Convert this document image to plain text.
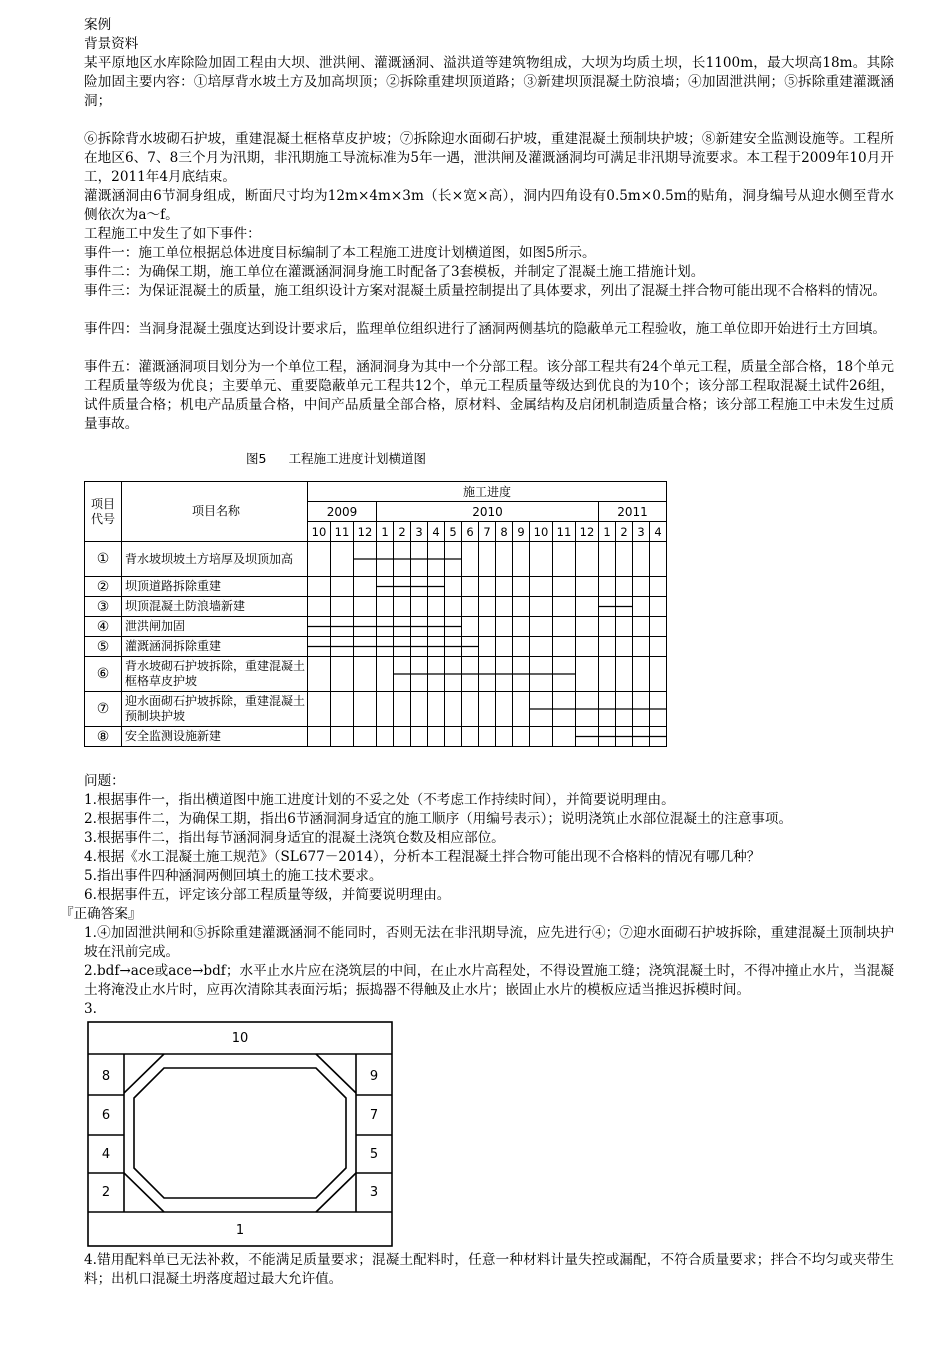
案例

背景资料

某平原地区水库除险加固工程由大坝、泄洪闸、灌溉涵洞、溢洪道等建筑物组成，大坝为均质土坝，长1100m，最大坝高18m。其除险加固主要内容：①培厚背水坡土方及加高坝顶；②拆除重建坝顶道路；③新建坝顶混凝土防浪墙；④加固泄洪闸；⑤拆除重建灌溉涵洞；

⑥拆除背水坡砌石护坡，重建混凝土框格草皮护坡；⑦拆除迎水面砌石护坡，重建混凝土预制块护坡；⑧新建安全监测设施等。工程所在地区6、7、8三个月为汛期，非汛期施工导流标准为5年一遇，泄洪闸及灌溉涵洞均可满足非汛期导流要求。本工程于2009年10月开工，2011年4月底结束。

灌溉涵洞由6节洞身组成，断面尺寸均为12m×4m×3m（长×宽×高），洞内四角设有0.5m×0.5m的贴角，洞身编号从迎水侧至背水侧依次为a～f。

工程施工中发生了如下事件：

事件一：施工单位根据总体进度目标编制了本工程施工进度计划横道图，如图5所示。

事件二：为确保工期，施工单位在灌溉涵洞洞身施工时配备了3套模板，并制定了混凝土施工措施计划。

事件三：为保证混凝土的质量，施工组织设计方案对混凝土质量控制提出了具体要求，列出了混凝土拌合物可能出现不合格料的情况。

事件四：当洞身混凝土强度达到设计要求后，监理单位组织进行了涵洞两侧基坑的隐蔽单元工程验收，施工单位即开始进行土方回填。

事件五：灌溉涵洞项目划分为一个单位工程，涵洞洞身为其中一个分部工程。该分部工程共有24个单元工程，质量全部合格，18个单元工程质量等级为优良；主要单元、重要隐蔽单元工程共12个，单元工程质量等级达到优良的为10个；该分部工程取混凝土试件26组，试件质量合格；机电产品质量合格，中间产品质量全部合格，原材料、金属结构及启闭机制造质量合格；该分部工程施工中未发生过质量事故。

图5 工程施工进度计划横道图
项目代号	项目名称	施工进度																		
		2009			2010												2011			
		10	11	12	1	2	3	4	5	6	7	8	9	10	11	12	1	2	3	4
①	背水坡坝坡土方培厚及坝顶加高																			
②	坝顶道路拆除重建																			
③	坝顶混凝土防浪墙新建																			
④	泄洪闸加固																			
⑤	灌溉涵洞拆除重建																			
⑥	背水坡砌石护坡拆除，重建混凝土框格草皮护坡																			
⑦	迎水面砌石护坡拆除，重建混凝土预制块护坡																			
⑧	安全监测设施新建																			

问题：

1.根据事件一，指出横道图中施工进度计划的不妥之处（不考虑工作持续时间），并简要说明理由。

2.根据事件二，为确保工期，指出6节涵洞洞身适宜的施工顺序（用编号表示）；说明浇筑止水部位混凝土的注意事项。

3.根据事件二，指出每节涵洞洞身适宜的混凝土浇筑仓数及相应部位。

4.根据《水工混凝土施工规范》（SL677－2014），分析本工程混凝土拌合物可能出现不合格料的情况有哪几种？

5.指出事件四种涵洞两侧回填土的施工技术要求。

6.根据事件五，评定该分部工程质量等级，并简要说明理由。

『正确答案』

1.④加固泄洪闸和⑤拆除重建灌溉涵洞不能同时，否则无法在非汛期导流，应先进行④；⑦迎水面砌石护坡拆除，重建混凝土顶制块护坡在汛前完成。

2.bdf→ace或ace→bdf；水平止水片应在浇筑层的中间，在止水片高程处，不得设置施工缝；浇筑混凝土时，不得冲撞止水片，当混凝土将淹没止水片时，应再次清除其表面污垢；振捣器不得触及止水片；嵌固止水片的模板应适当推迟拆模时间。

3.

10
8	9
6	7
4	5
2	3
1

4.错用配料单已无法补救，不能满足质量要求；混凝土配料时，任意一种材料计量失控或漏配，不符合质量要求；拌合不均匀或夹带生料；出机口混凝土坍落度超过最大允许值。
